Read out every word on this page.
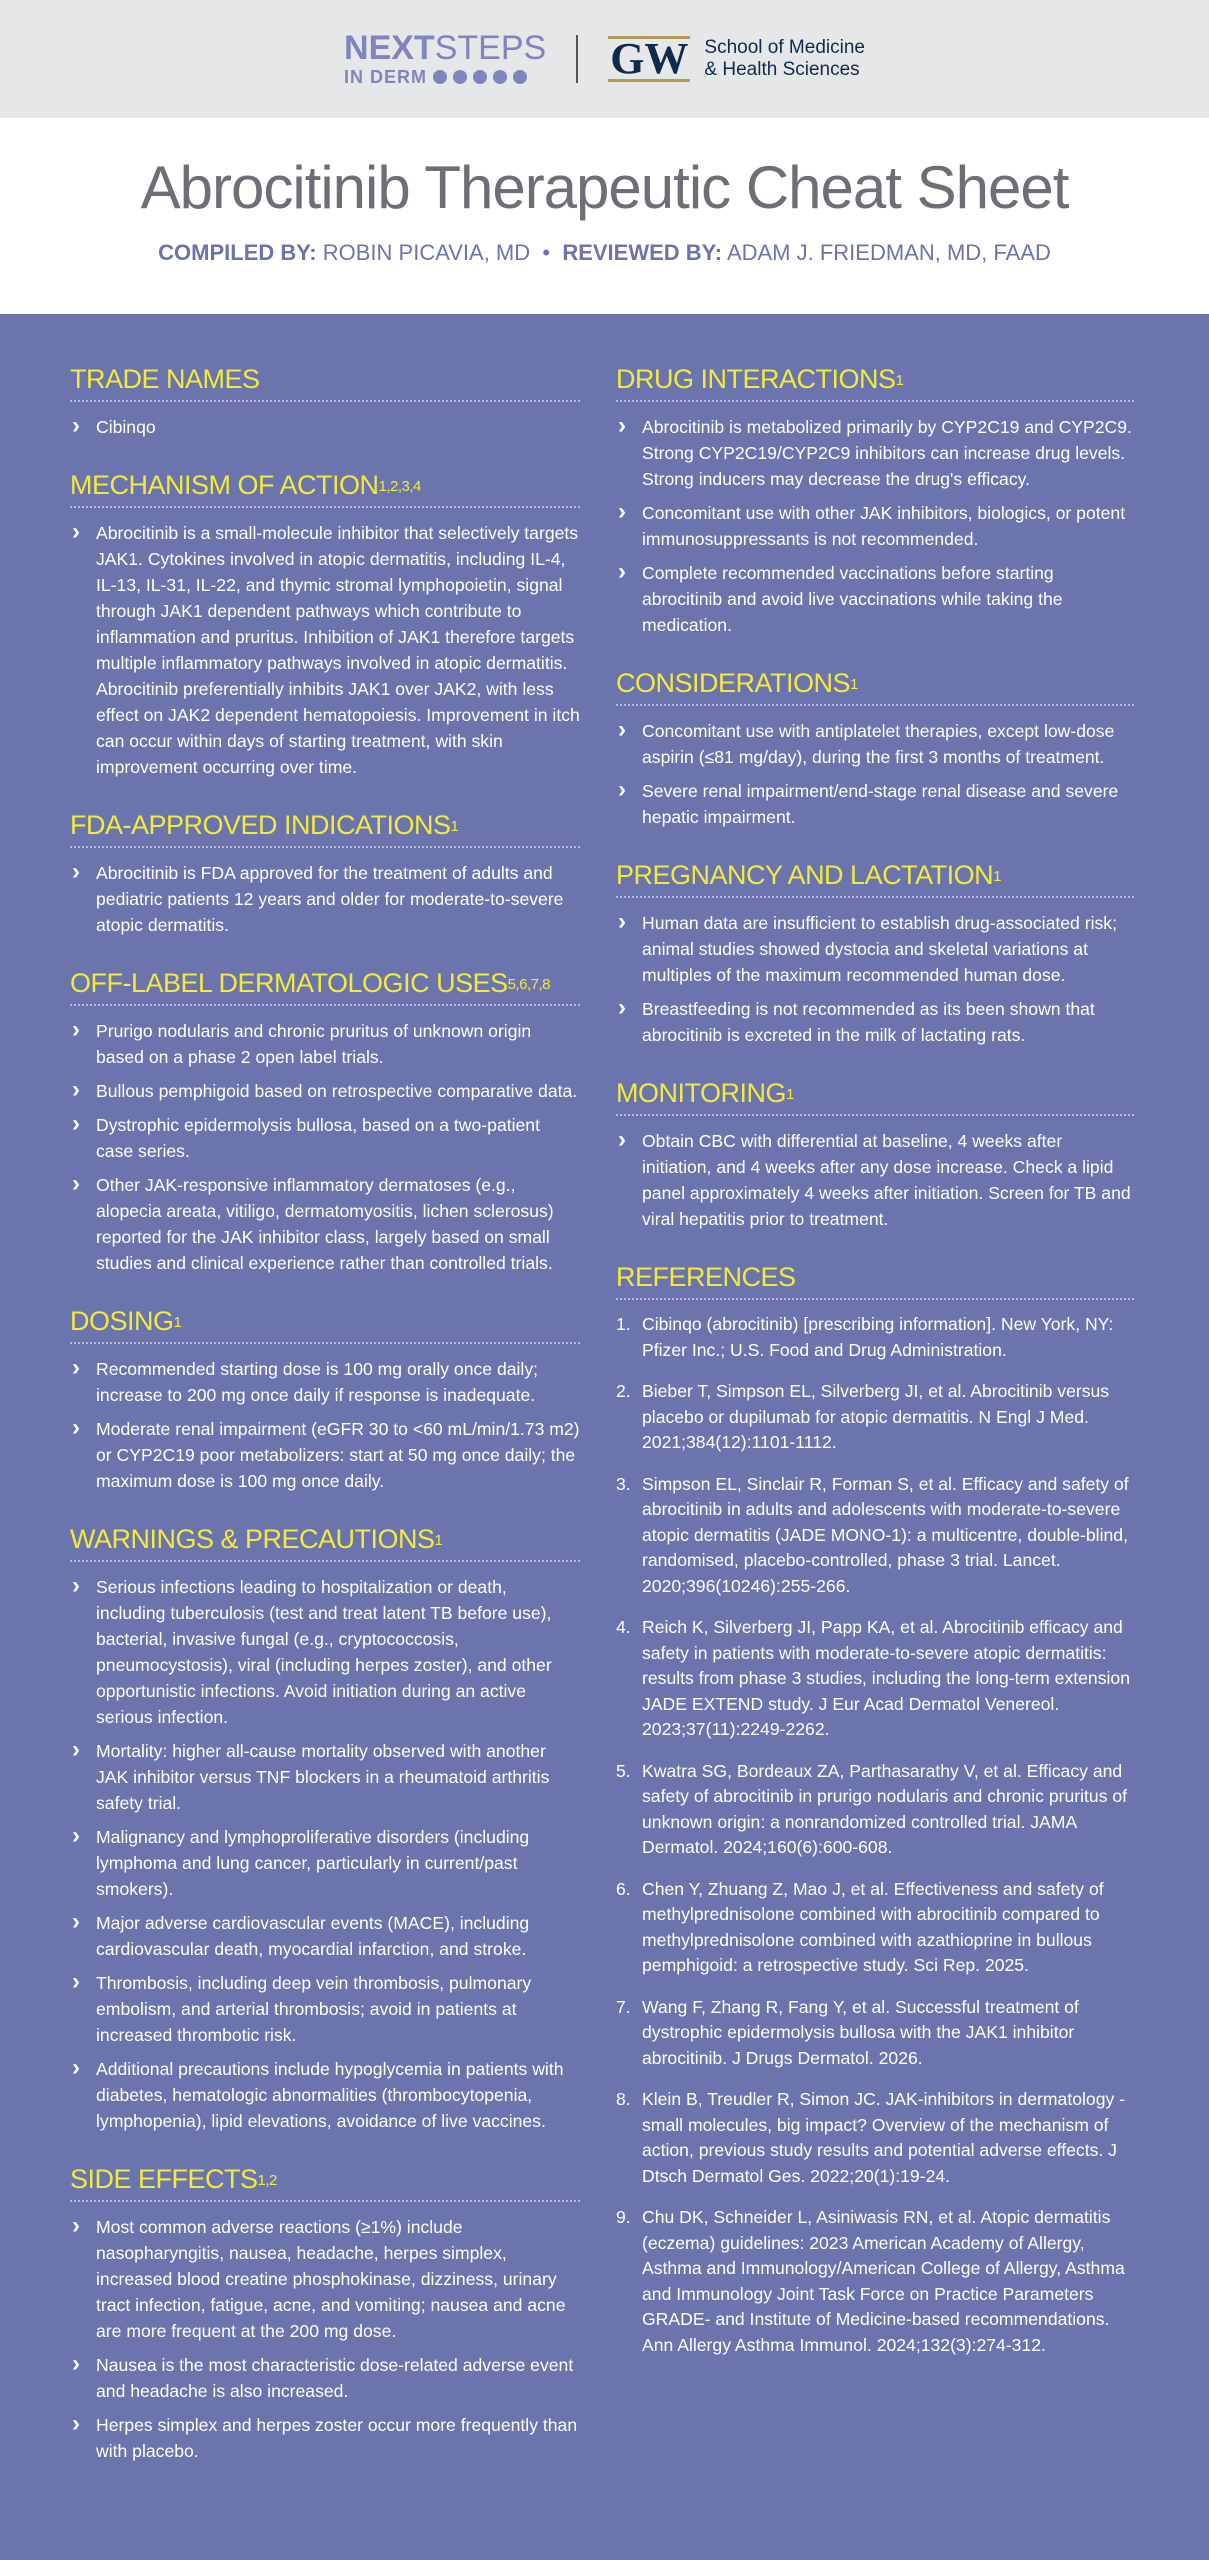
NEXTSTEPS
IN DERM	GW School of Medicine
& Health Sciences
Abrocitinib Therapeutic Cheat Sheet
COMPILED BY: ROBIN PICAVIA, MD  •  REVIEWED BY: ADAM J. FRIEDMAN, MD, FAAD
TRADE NAMES
› Cibinqo
MECHANISM OF ACTION$^{1,2,3,4}$
› Abrocitinib is a small-molecule inhibitor that selectively targets JAK1. Cytokines involved in atopic dermatitis, including IL-4, IL-13, IL-31, IL-22, and thymic stromal lymphopoietin, signal through JAK1 dependent pathways which contribute to inflammation and pruritus. Inhibition of JAK1 therefore targets multiple inflammatory pathways involved in atopic dermatitis. Abrocitinib preferentially inhibits JAK1 over JAK2, with less effect on JAK2 dependent hematopoiesis. Improvement in itch can occur within days of starting treatment, with skin improvement occurring over time.
FDA-APPROVED INDICATIONS$^1$
› Abrocitinib is FDA approved for the treatment of adults and pediatric patients 12 years and older for moderate-to-severe atopic dermatitis.
OFF-LABEL DERMATOLOGIC USES$^{5,6,7,8}$
› Prurigo nodularis and chronic pruritus of unknown origin based on a phase 2 open label trials.
› Bullous pemphigoid based on retrospective comparative data.
› Dystrophic epidermolysis bullosa, based on a two-patient case series.
› Other JAK-responsive inflammatory dermatoses (e.g., alopecia areata, vitiligo, dermatomyositis, lichen sclerosus) reported for the JAK inhibitor class, largely based on small studies and clinical experience rather than controlled trials.
DOSING$^1$
› Recommended starting dose is 100 mg orally once daily; increase to 200 mg once daily if response is inadequate.
› Moderate renal impairment (eGFR 30 to <60 mL/min/1.73 m2) or CYP2C19 poor metabolizers: start at 50 mg once daily; the maximum dose is 100 mg once daily.
WARNINGS & PRECAUTIONS$^1$
› Serious infections leading to hospitalization or death, including tuberculosis (test and treat latent TB before use), bacterial, invasive fungal (e.g., cryptococcosis, pneumocystosis), viral (including herpes zoster), and other opportunistic infections. Avoid initiation during an active serious infection.
› Mortality: higher all-cause mortality observed with another JAK inhibitor versus TNF blockers in a rheumatoid arthritis safety trial.
› Malignancy and lymphoproliferative disorders (including lymphoma and lung cancer, particularly in current/past smokers).
› Major adverse cardiovascular events (MACE), including cardiovascular death, myocardial infarction, and stroke.
› Thrombosis, including deep vein thrombosis, pulmonary embolism, and arterial thrombosis; avoid in patients at increased thrombotic risk.
› Additional precautions include hypoglycemia in patients with diabetes, hematologic abnormalities (thrombocytopenia, lymphopenia), lipid elevations, avoidance of live vaccines.
SIDE EFFECTS$^{1,2}$
› Most common adverse reactions (≥1%) include nasopharyngitis, nausea, headache, herpes simplex, increased blood creatine phosphokinase, dizziness, urinary tract infection, fatigue, acne, and vomiting; nausea and acne are more frequent at the 200 mg dose.
› Nausea is the most characteristic dose-related adverse event and headache is also increased.
› Herpes simplex and herpes zoster occur more frequently than with placebo.
DRUG INTERACTIONS$^1$
› Abrocitinib is metabolized primarily by CYP2C19 and CYP2C9. Strong CYP2C19/CYP2C9 inhibitors can increase drug levels. Strong inducers may decrease the drug's efficacy.
› Concomitant use with other JAK inhibitors, biologics, or potent immunosuppressants is not recommended.
› Complete recommended vaccinations before starting abrocitinib and avoid live vaccinations while taking the medication.
CONSIDERATIONS$^1$
› Concomitant use with antiplatelet therapies, except low-dose aspirin (≤81 mg/day), during the first 3 months of treatment.
› Severe renal impairment/end-stage renal disease and severe hepatic impairment.
PREGNANCY AND LACTATION$^1$
› Human data are insufficient to establish drug-associated risk; animal studies showed dystocia and skeletal variations at multiples of the maximum recommended human dose.
› Breastfeeding is not recommended as its been shown that abrocitinib is excreted in the milk of lactating rats.
MONITORING$^1$
› Obtain CBC with differential at baseline, 4 weeks after initiation, and 4 weeks after any dose increase. Check a lipid panel approximately 4 weeks after initiation. Screen for TB and viral hepatitis prior to treatment.
REFERENCES
1. Cibinqo (abrocitinib) [prescribing information]. New York, NY: Pfizer Inc.; U.S. Food and Drug Administration.
2. Bieber T, Simpson EL, Silverberg JI, et al. Abrocitinib versus placebo or dupilumab for atopic dermatitis. N Engl J Med. 2021;384(12):1101-1112.
3. Simpson EL, Sinclair R, Forman S, et al. Efficacy and safety of abrocitinib in adults and adolescents with moderate-to-severe atopic dermatitis (JADE MONO-1): a multicentre, double-blind, randomised, placebo-controlled, phase 3 trial. Lancet. 2020;396(10246):255-266.
4. Reich K, Silverberg JI, Papp KA, et al. Abrocitinib efficacy and safety in patients with moderate-to-severe atopic dermatitis: results from phase 3 studies, including the long-term extension JADE EXTEND study. J Eur Acad Dermatol Venereol. 2023;37(11):2249-2262.
5. Kwatra SG, Bordeaux ZA, Parthasarathy V, et al. Efficacy and safety of abrocitinib in prurigo nodularis and chronic pruritus of unknown origin: a nonrandomized controlled trial. JAMA Dermatol. 2024;160(6):600-608.
6. Chen Y, Zhuang Z, Mao J, et al. Effectiveness and safety of methylprednisolone combined with abrocitinib compared to methylprednisolone combined with azathioprine in bullous pemphigoid: a retrospective study. Sci Rep. 2025.
7. Wang F, Zhang R, Fang Y, et al. Successful treatment of dystrophic epidermolysis bullosa with the JAK1 inhibitor abrocitinib. J Drugs Dermatol. 2026.
8. Klein B, Treudler R, Simon JC. JAK-inhibitors in dermatology - small molecules, big impact? Overview of the mechanism of action, previous study results and potential adverse effects. J Dtsch Dermatol Ges. 2022;20(1):19-24.
9. Chu DK, Schneider L, Asiniwasis RN, et al. Atopic dermatitis (eczema) guidelines: 2023 American Academy of Allergy, Asthma and Immunology/American College of Allergy, Asthma and Immunology Joint Task Force on Practice Parameters GRADE- and Institute of Medicine-based recommendations. Ann Allergy Asthma Immunol. 2024;132(3):274-312.
